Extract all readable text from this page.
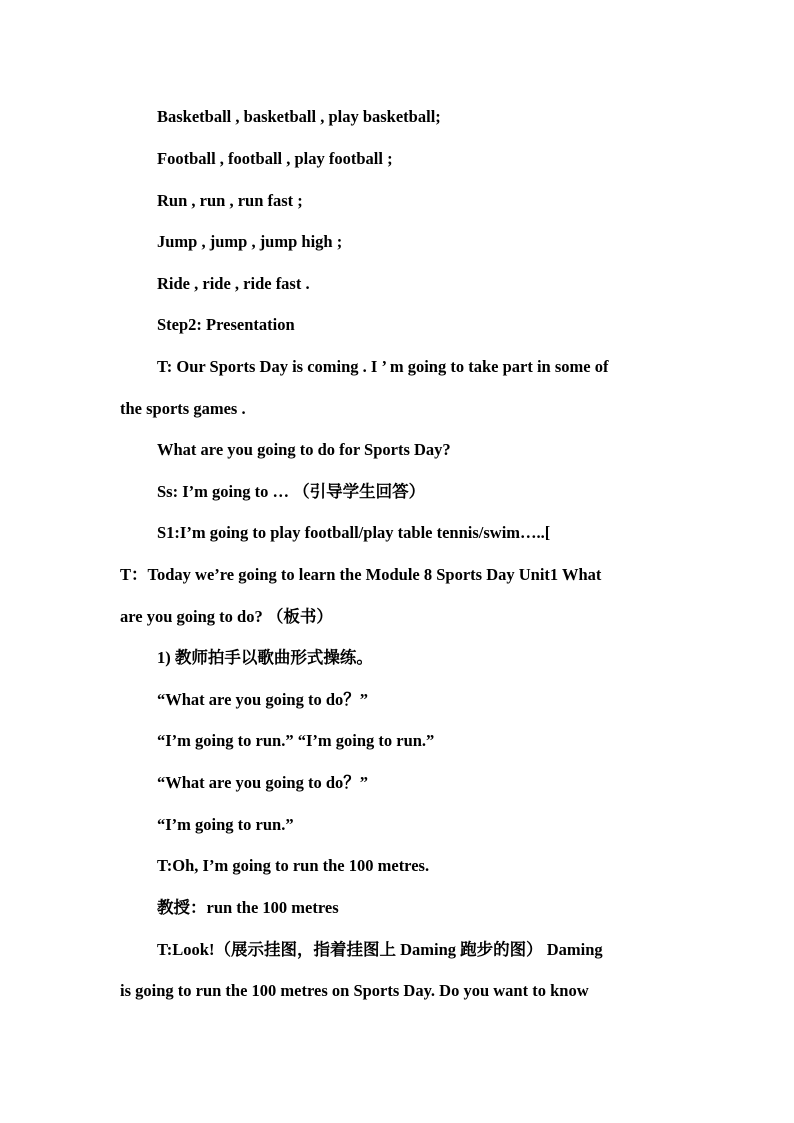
Basketball , basketball , play basketball;
Football , football , play football ;
Run , run , run fast ;
Jump , jump , jump high ;
Ride , ride , ride fast .
Step2: Presentation
T: Our Sports Day is coming . I ’ m going to take part in some of
the sports games .
What are you going to do for Sports Day?
Ss: I’m going to … （引导学生回答）
S1:I’m going to play football/play table tennis/swim…..[
T：Today we’re going to learn the Module 8 Sports Day Unit1 What
are you going to do? （板书）
1) 教师拍手以歌曲形式操练。
“What are you going to do？”
“I’m going to run.” “I’m going to run.”
“What are you going to do？”
“I’m going to run.”
T:Oh, I’m going to run the 100 metres.
教授：run the 100 metres
T:Look!（展示挂图，指着挂图上 Daming 跑步的图） Daming
is going to run the 100 metres on Sports Day. Do you want to know
